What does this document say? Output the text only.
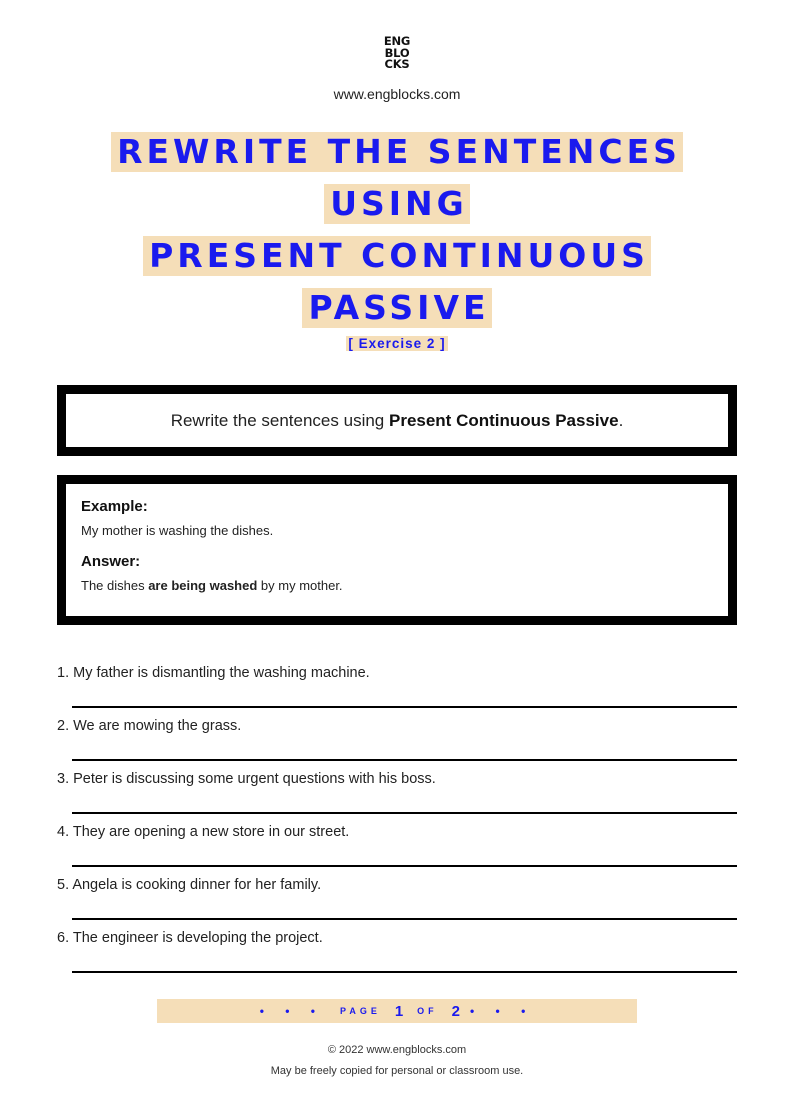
ENG
BLO
CKS
www.engblocks.com
REWRITE THE SENTENCES
USING
PRESENT CONTINUOUS
PASSIVE
[ Exercise 2 ]
Rewrite the sentences using Present Continuous Passive.
Example:
My mother is washing the dishes.
Answer:
The dishes are being washed by my mother.
1. My father is dismantling the washing machine.
2. We are mowing the grass.
3. Peter is discussing some urgent questions with his boss.
4. They are opening a new store in our street.
5. Angela is cooking dinner for her family.
6. The engineer is developing the project.
• • • PAGE 1 OF 2 • • •
© 2022 www.engblocks.com
May be freely copied for personal or classroom use.
